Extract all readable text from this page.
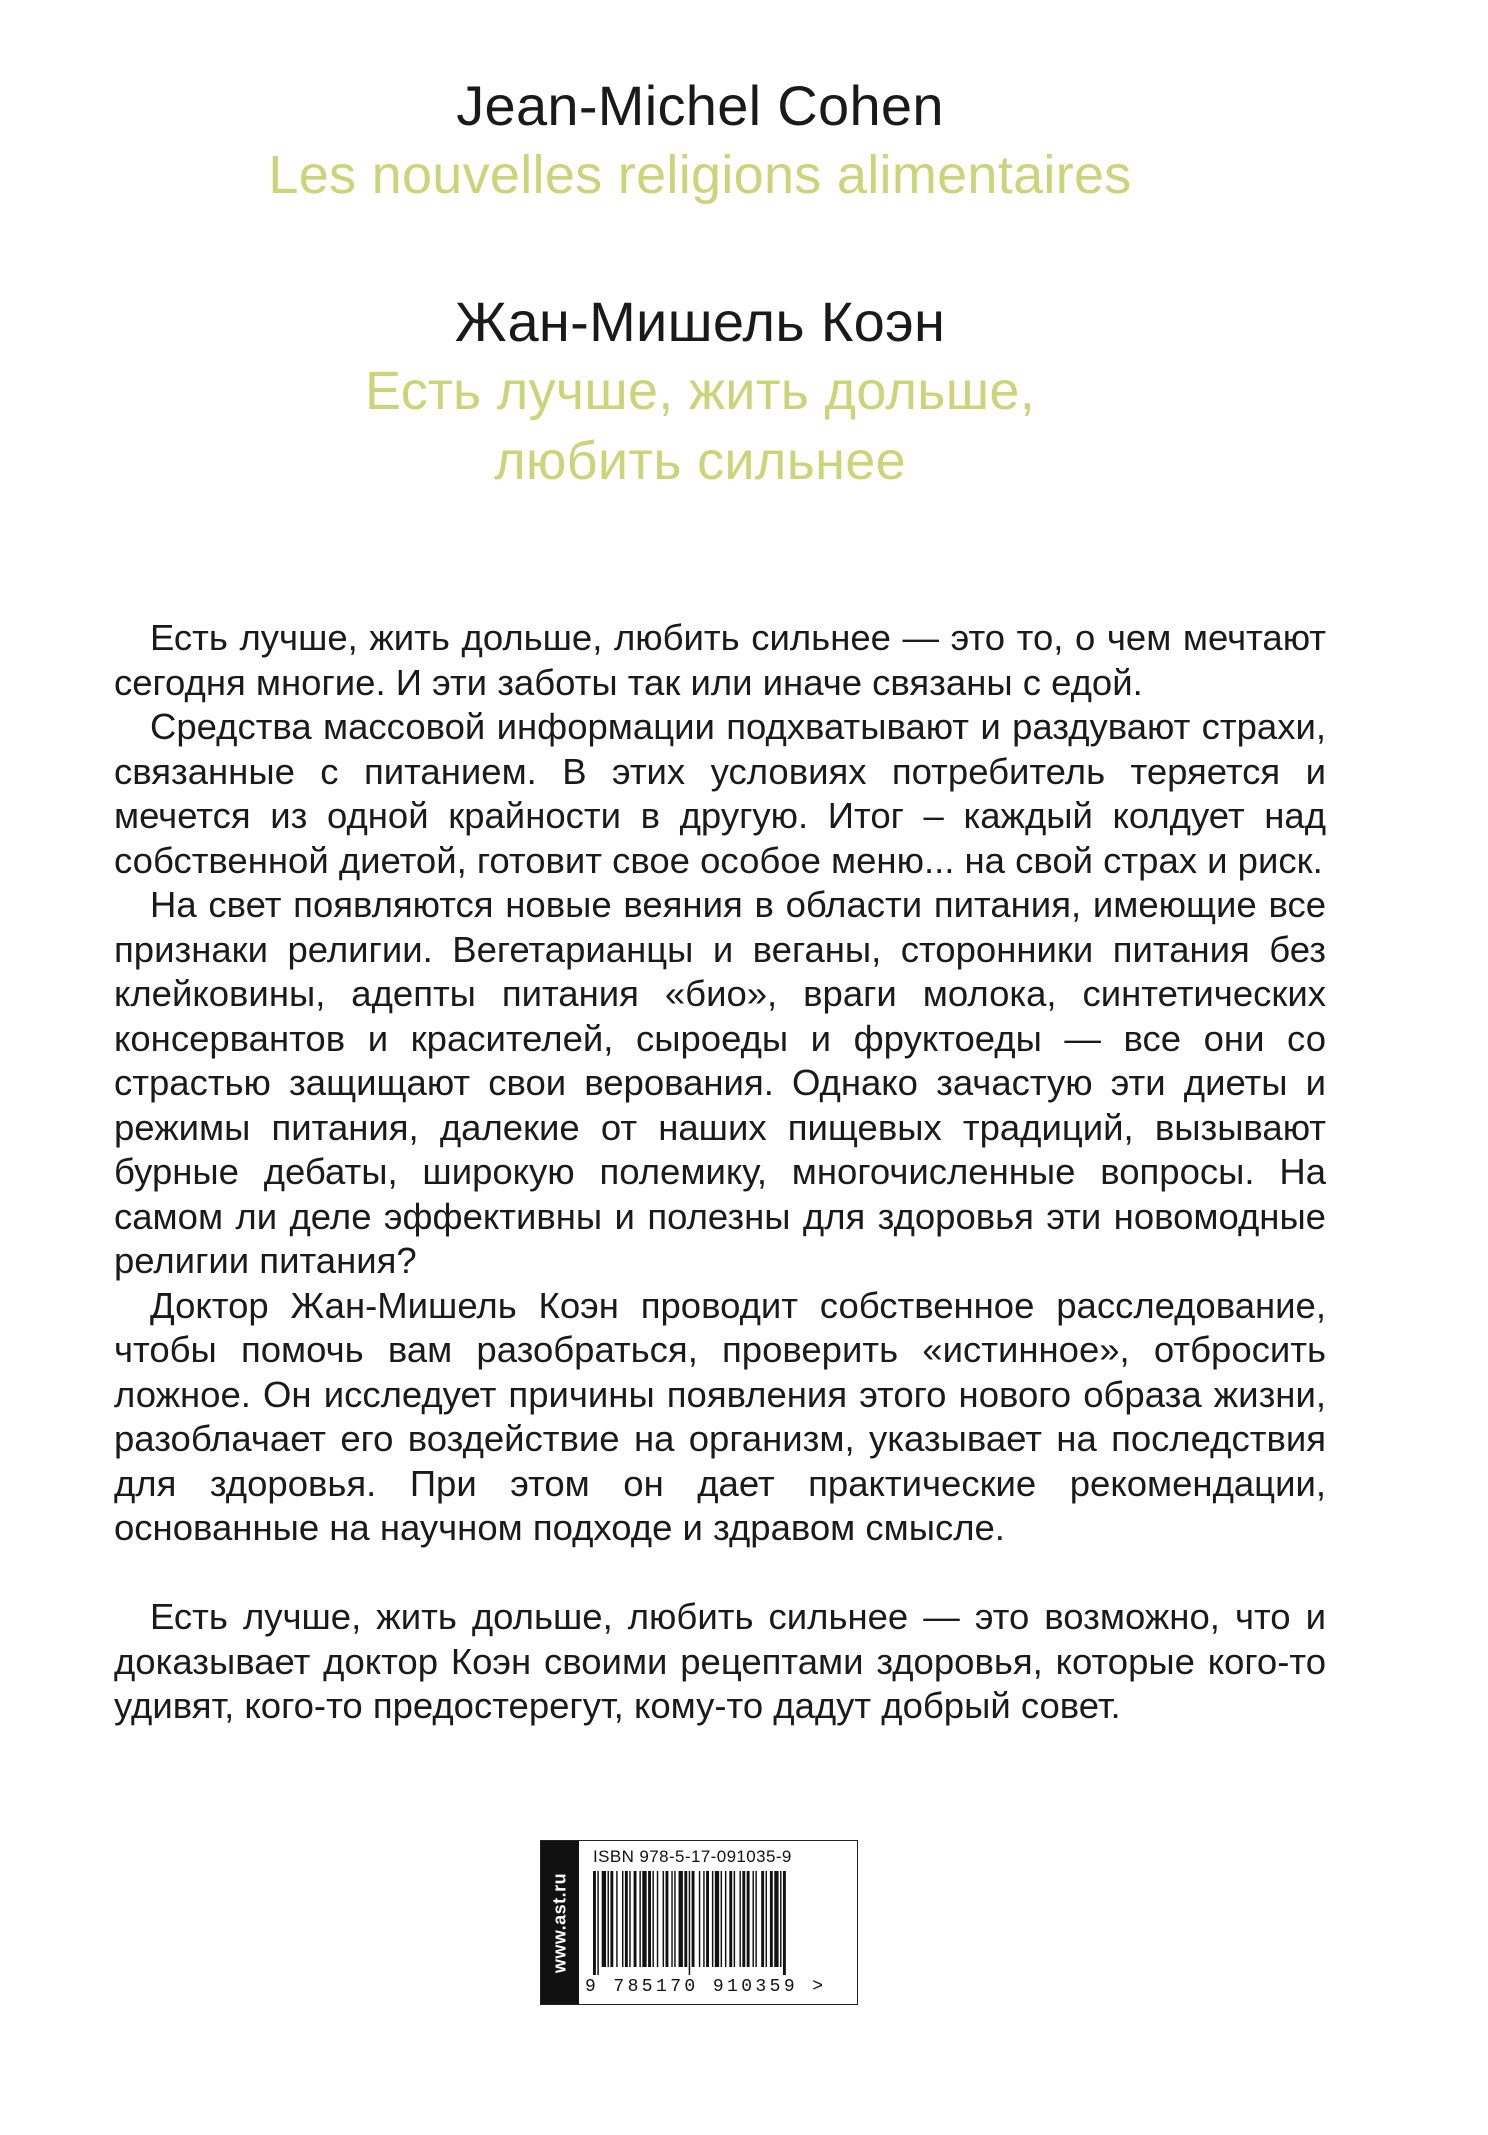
Jean-Michel Cohen
Les nouvelles religions alimentaires
Жан-Мишель Коэн
Есть лучше, жить дольше, любить сильнее

Есть лучше, жить дольше, любить сильнее — это то, о чем мечтают сегодня многие. И эти заботы так или иначе связаны с едой.

Средства массовой информации подхватывают и раздувают страхи, связанные с питанием. В этих условиях потребитель теряется и мечется из одной крайности в другую. Итог – каждый колдует над собственной диетой, готовит свое особое меню... на свой страх и риск.

На свет появляются новые веяния в области питания, имеющие все признаки религии. Вегетарианцы и веганы, сторонники питания без клейковины, адепты питания «био», враги молока, синтетических консервантов и красителей, сыроеды и фруктоеды — все они со страстью защищают свои верования. Однако зачастую эти диеты и режимы питания, далекие от наших пищевых традиций, вызывают бурные дебаты, широкую полемику, многочисленные вопросы. На самом ли деле эффективны и полезны для здоровья эти новомодные религии питания?

Доктор Жан-Мишель Коэн проводит собственное расследование, чтобы помочь вам разобраться, проверить «истинное», отбросить ложное. Он исследует причины появления этого нового образа жизни, разоблачает его воздействие на организм, указывает на последствия для здоровья. При этом он дает практические рекомендации, основанные на научном подходе и здравом смысле.

Есть лучше, жить дольше, любить сильнее — это возможно, что и доказывает доктор Коэн своими рецептами здоровья, которые кого-то удивят, кого-то предостерегут, кому-то дадут добрый совет.

www.ast.ru
ISBN 978-5-17-091035-9
9 785170 910359 >
